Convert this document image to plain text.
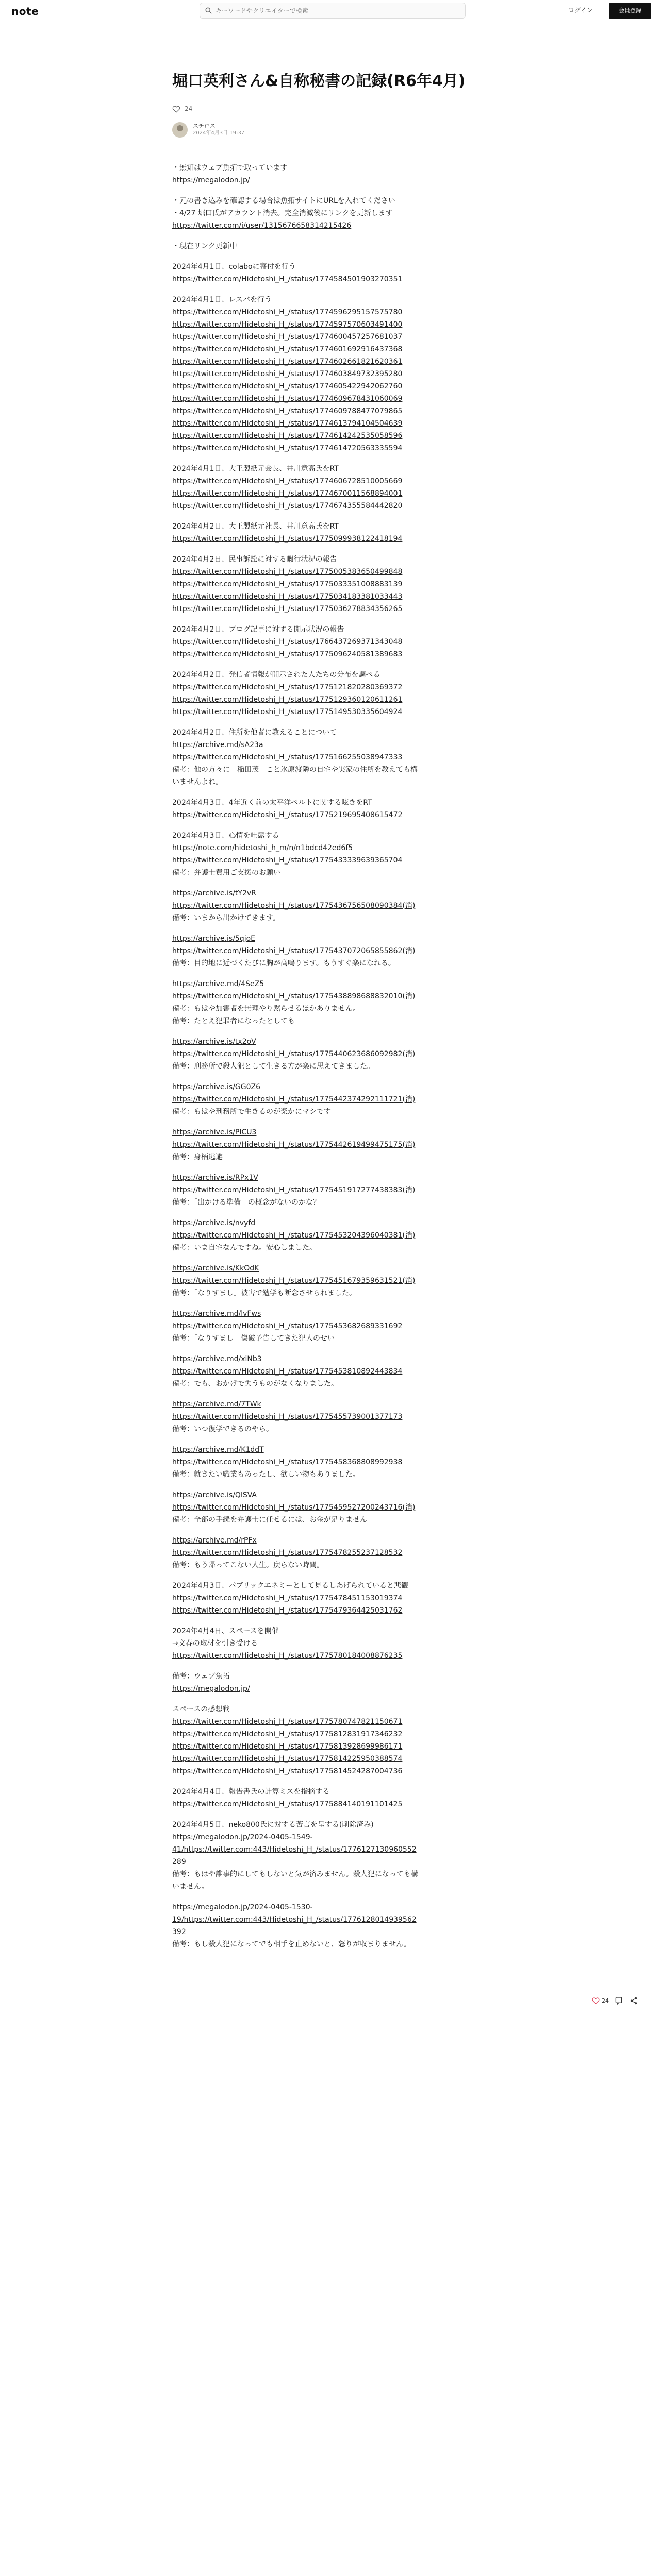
note
キーワードやクリエイターで検索	ログイン	会員登録
堀口英利さん&自称秘書の記録(R6年4月)
24
スチロス
2024年4月3日 19:37
・無知はウェブ魚拓で取っています
https://megalodon.jp/
・元の書き込みを確認する場合は魚拓サイトにURLを入れてください
・4/27 堀口氏がアカウント消去。完全消滅後にリンクを更新します
https://twitter.com/i/user/1315676658314215426
・現在リンク更新中
2024年4月1日、colaboに寄付を行う
https://twitter.com/Hidetoshi_H_/status/1774584501903270351
2024年4月1日、レスバを行う
https://twitter.com/Hidetoshi_H_/status/1774596295157575780
https://twitter.com/Hidetoshi_H_/status/1774597570603491400
https://twitter.com/Hidetoshi_H_/status/1774600457257681037
https://twitter.com/Hidetoshi_H_/status/1774601692916437368
https://twitter.com/Hidetoshi_H_/status/1774602661821620361
https://twitter.com/Hidetoshi_H_/status/1774603849732395280
https://twitter.com/Hidetoshi_H_/status/1774605422942062760
https://twitter.com/Hidetoshi_H_/status/1774609678431060069
https://twitter.com/Hidetoshi_H_/status/1774609788477079865
https://twitter.com/Hidetoshi_H_/status/1774613794104504639
https://twitter.com/Hidetoshi_H_/status/1774614242535058596
https://twitter.com/Hidetoshi_H_/status/1774614720563335594
2024年4月1日、大王製紙元会長、井川意高氏をRT
https://twitter.com/Hidetoshi_H_/status/1774606728510005669
https://twitter.com/Hidetoshi_H_/status/1774670011568894001
https://twitter.com/Hidetoshi_H_/status/1774674355584442820
2024年4月2日、大王製紙元社長、井川意高氏をRT
https://twitter.com/Hidetoshi_H_/status/1775099938122418194
2024年4月2日、民事訴訟に対する暇行状況の報告
https://twitter.com/Hidetoshi_H_/status/1775005383650499848
https://twitter.com/Hidetoshi_H_/status/1775033351008883139
https://twitter.com/Hidetoshi_H_/status/1775034183381033443
https://twitter.com/Hidetoshi_H_/status/1775036278834356265
2024年4月2日、ブログ記事に対する開示状況の報告
https://twitter.com/Hidetoshi_H_/status/1766437269371343048
https://twitter.com/Hidetoshi_H_/status/1775096240581389683
2024年4月2日、発信者情報が開示された人たちの分布を調べる
https://twitter.com/Hidetoshi_H_/status/1775121820280369372
https://twitter.com/Hidetoshi_H_/status/1775129360120611261
https://twitter.com/Hidetoshi_H_/status/1775149530335604924
2024年4月2日、住所を他者に教えることについて
https://archive.md/sA23a
https://twitter.com/Hidetoshi_H_/status/1775166255038947333
備考：他の方々に「稲田茂」こと氷原渡隣の自宅や実家の住所を教えても構
いませんよね。
2024年4月3日、4年近く前の太平洋ベルトに関する呟きをRT
https://twitter.com/Hidetoshi_H_/status/1775219695408615472
2024年4月3日、心情を吐露する
https://note.com/hidetoshi_h_m/n/n1bdcd42ed6f5
https://twitter.com/Hidetoshi_H_/status/1775433339639365704
備考：弁護士費用ご支援のお願い
https://archive.is/tY2vR
https://twitter.com/Hidetoshi_H_/status/1775436756508090384(消)
備考：いまから出かけてきます。
https://archive.is/5qjoE
https://twitter.com/Hidetoshi_H_/status/1775437072065855862(消)
備考：目的地に近づくたびに胸が高鳴ります。もうすぐ楽になれる。
https://archive.md/4SeZ5
https://twitter.com/Hidetoshi_H_/status/1775438898688832010(消)
備考：もはや加害者を無理やり黙らせるほかありません。
備考：たとえ犯罪者になったとしても
https://archive.is/tx2oV
https://twitter.com/Hidetoshi_H_/status/1775440623686092982(消)
備考：刑務所で殺人犯として生きる方が楽に思えてきました。
https://archive.is/GG0Z6
https://twitter.com/Hidetoshi_H_/status/1775442374292111721(消)
備考：もはや刑務所で生きるのが楽かにマシです
https://archive.is/PICU3
https://twitter.com/Hidetoshi_H_/status/1775442619499475175(消)
備考：身柄逃避
https://archive.is/RPx1V
https://twitter.com/Hidetoshi_H_/status/1775451917277438383(消)
備考：「出かける準備」の概念がないのかな？
https://archive.is/nvyfd
https://twitter.com/Hidetoshi_H_/status/1775453204396040381(消)
備考：いま自宅なんですね。安心しました。
https://archive.is/KkOdK
https://twitter.com/Hidetoshi_H_/status/1775451679359631521(消)
備考：「なりすまし」被害で勉学も断念させられました。
https://archive.md/lvFws
https://twitter.com/Hidetoshi_H_/status/1775453682689331692
備考：「なりすまし」傷破予告してきた犯人のせい
https://archive.md/xiNb3
https://twitter.com/Hidetoshi_H_/status/1775453810892443834
備考：でも、おかげで失うものがなくなりました。
https://archive.md/7TWk
https://twitter.com/Hidetoshi_H_/status/1775455739001377173
備考：いつ復学できるのやら。
https://archive.md/K1ddT
https://twitter.com/Hidetoshi_H_/status/1775458368808992938
備考：就きたい職業もあったし、欲しい物もありました。
https://archive.is/QlSVA
https://twitter.com/Hidetoshi_H_/status/1775459527200243716(消)
備考：全部の手続を弁護士に任せるには、お金が足りません
https://archive.md/rPFx
https://twitter.com/Hidetoshi_H_/status/1775478255237128532
備考：もう帰ってこない人生。戻らない時間。
2024年4月3日、パブリックエネミーとして見るしあげられていると悲観
https://twitter.com/Hidetoshi_H_/status/1775478451153019374
https://twitter.com/Hidetoshi_H_/status/1775479364425031762
2024年4月4日、スペースを開催
→文春の取材を引き受ける
https://twitter.com/Hidetoshi_H_/status/1775780184008876235
備考：ウェブ魚拓
https://megalodon.jp/
スペースの感想戦
https://twitter.com/Hidetoshi_H_/status/1775780747821150671
https://twitter.com/Hidetoshi_H_/status/1775812831917346232
https://twitter.com/Hidetoshi_H_/status/1775813928699986171
https://twitter.com/Hidetoshi_H_/status/1775814225950388574
https://twitter.com/Hidetoshi_H_/status/1775814524287004736
2024年4月4日、報告書氏の計算ミスを指摘する
https://twitter.com/Hidetoshi_H_/status/1775884140191101425
2024年4月5日、neko800氏に対する苦言を呈する(削除済み)
https://megalodon.jp/2024-0405-1549-
41/https://twitter.com:443/Hidetoshi_H_/status/1776127130960552
289
備考：もはや誰事的にしてもしないと気が済みません。殺人犯になっても構
いません。
https://megalodon.jp/2024-0405-1530-
19/https://twitter.com:443/Hidetoshi_H_/status/1776128014939562
392
備考：もし殺人犯になってでも相手を止めないと、怒りが収まりません。
24
